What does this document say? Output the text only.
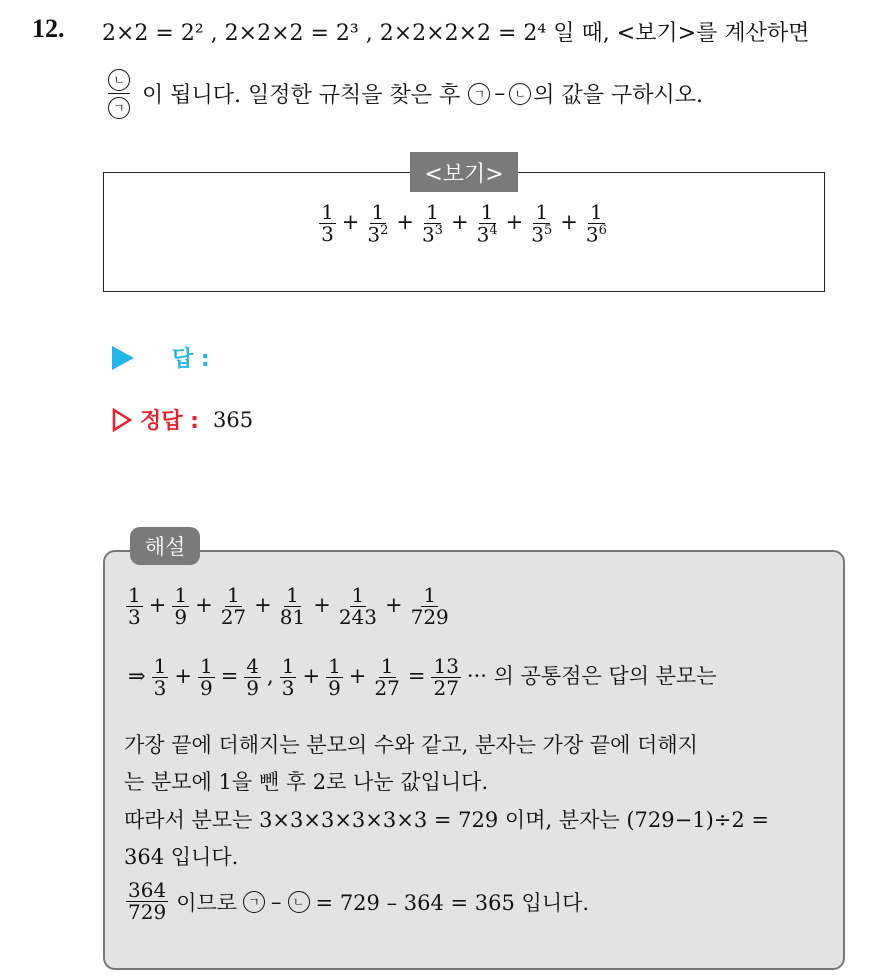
12. 2×2 = 2² , 2×2×2 = 2³ , 2×2×2×2 = 2⁴ 일 때, <보기>를 계산하면
$\frac{\text{ㄴ}}{\text{ㄱ}}$ 이 됩니다. 일정한 규칙을 찾은 후	ㄱ – ㄴ 의 값을 구하시오.
<보기>
$\frac{1}{3} + \frac{1}{3^2} + \frac{1}{3^3} + \frac{1}{3^4} + \frac{1}{3^5} + \frac{1}{3^6}$
답 :
정답 : 365
해설
$\frac{1}{3} + \frac{1}{9} + \frac{1}{27} + \frac{1}{81} + \frac{1}{243} + \frac{1}{729}$
⇒ $\frac{1}{3} + \frac{1}{9} = \frac{4}{9}$ , $\frac{1}{3} + \frac{1}{9} + \frac{1}{27} = \frac{13}{27}$ ··· 의 공통점은 답의 분모는
가장 끝에 더해지는 분모의 수와 같고, 분자는 가장 끝에 더해지
는 분모에 1을 뺀 후 2로 나눈 값입니다.
따라서 분모는 3×3×3×3×3×3 = 729 이며, 분자는 (729−1)÷2 =
364 입니다.
$\frac{364}{729}$ 이므로 ㄱ – ㄴ = 729 – 364 = 365 입니다.
